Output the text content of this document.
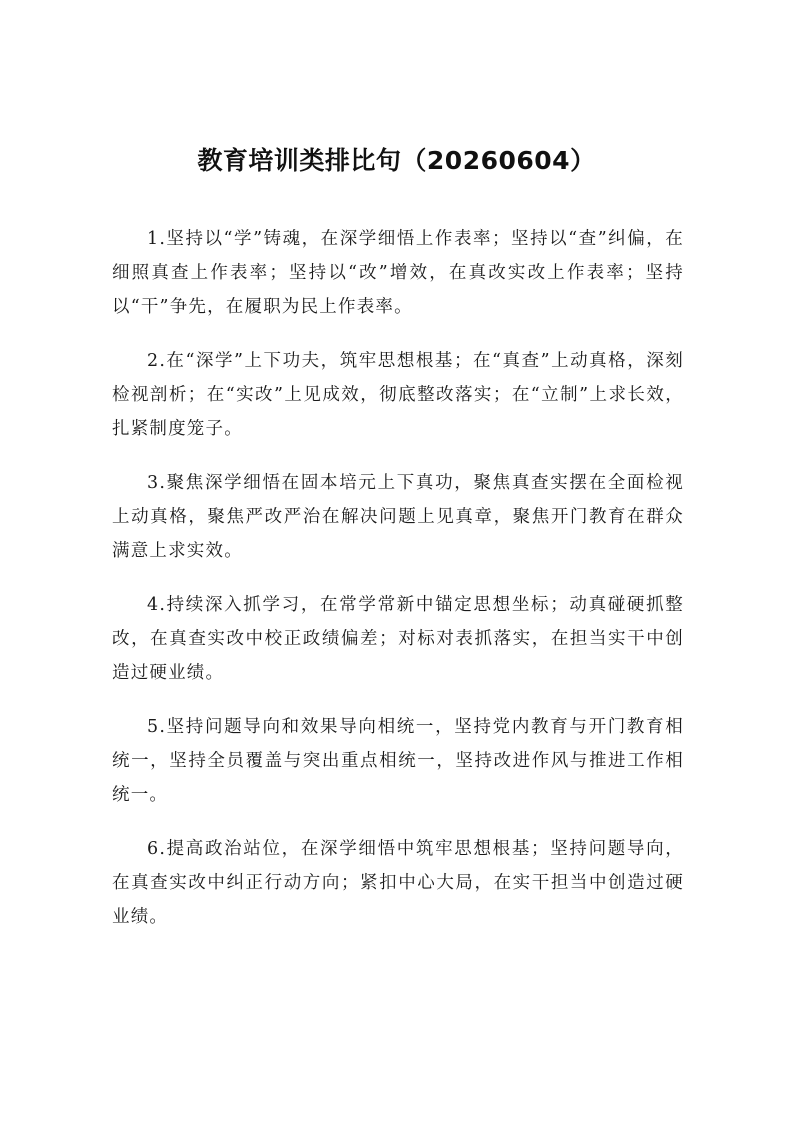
教育培训类排比句（20260604）

1.坚持以“学”铸魂，在深学细悟上作表率；坚持以“查”纠偏，在细照真查上作表率；坚持以“改”增效，在真改实改上作表率；坚持以“干”争先，在履职为民上作表率。

2.在“深学”上下功夫，筑牢思想根基；在“真查”上动真格，深刻检视剖析；在“实改”上见成效，彻底整改落实；在“立制”上求长效，扎紧制度笼子。

3.聚焦深学细悟在固本培元上下真功，聚焦真查实摆在全面检视上动真格，聚焦严改严治在解决问题上见真章，聚焦开门教育在群众满意上求实效。

4.持续深入抓学习，在常学常新中锚定思想坐标；动真碰硬抓整改，在真查实改中校正政绩偏差；对标对表抓落实，在担当实干中创造过硬业绩。

5.坚持问题导向和效果导向相统一，坚持党内教育与开门教育相统一，坚持全员覆盖与突出重点相统一，坚持改进作风与推进工作相统一。

6.提高政治站位，在深学细悟中筑牢思想根基；坚持问题导向，在真查实改中纠正行动方向；紧扣中心大局，在实干担当中创造过硬业绩。
